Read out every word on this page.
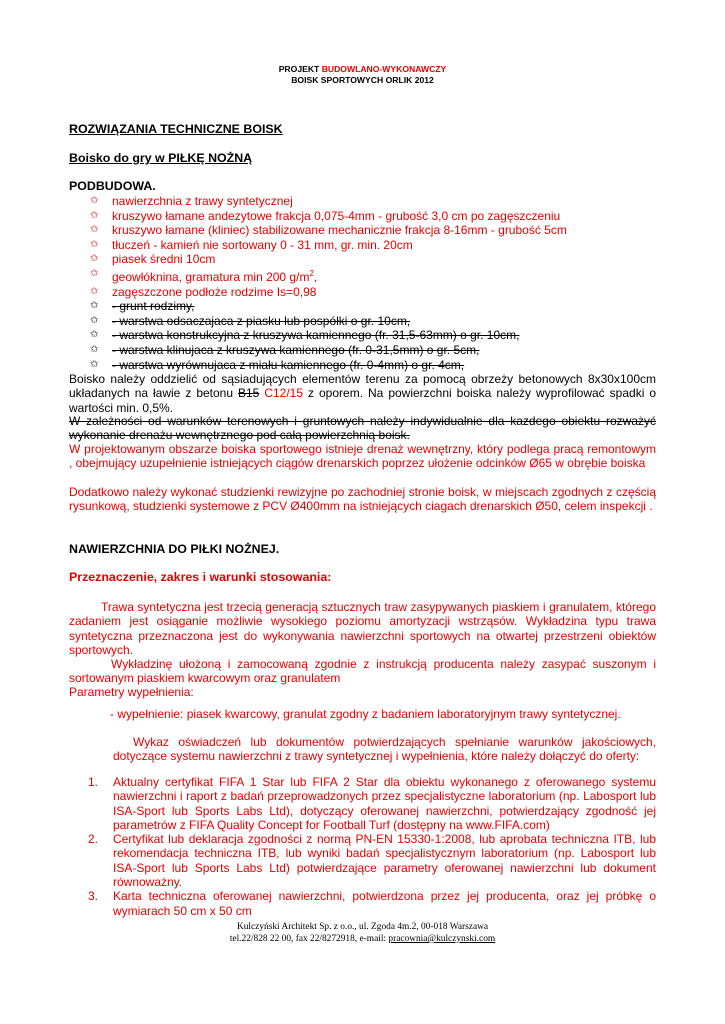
PROJEKT BUDOWLANO-WYKONAWCZY
BOISK SPORTOWYCH ORLIK 2012
ROZWIĄZANIA TECHNICZNE BOISK
Boisko do gry w PIŁKĘ NOŻNĄ
PODBUDOWA.
✩ nawierzchnia z trawy syntetycznej
✩ kruszywo łamane andezytowe frakcja 0,075-4mm - grubość 3,0 cm po zagęszczeniu
✩ kruszywo łamane (kliniec) stabilizowane mechanicznie frakcja 8-16mm - grubość 5cm
✩ tłuczeń - kamień nie sortowany 0 - 31 mm, gr. min. 20cm
✩ piasek średni 10cm
✩ geowłóknina, gramatura min 200 $g/m^2$,
✩ zagęszczone podłoże rodzime Is=0,98
✩ - grunt rodzimy,
✩ - warstwa odsaczajaca z piasku lub pospółki o gr. 10cm,
✩ - warstwa konstrukcyjna z kruszywa kamiennego (fr. 31,5-63mm) o gr. 10cm,
✩ - warstwa klinujaca z kruszywa kamiennego (fr. 0-31,5mm) o gr. 5cm,
✩ - warstwa wyrównujaca z miału kamiennego (fr. 0-4mm) o gr. 4cm,
Boisko należy oddzielić od sąsiadujących elementów terenu za pomocą obrzeży betonowych 8x30x100cm układanych na ławie z betonu B15 C12/15 z oporem. Na powierzchni boiska należy wyprofilować spadki o wartości min. 0,5%.
W zależności od warunków terenowych i gruntowych należy indywidualnie dla kazdego obiektu rozważyć wykonanie drenażu wewnętrznego pod całą powierzchnią boisk.
W projektowanym obszarze boiska sportowego istnieje drenaż wewnętrzny, który podlega pracą remontowym , obejmujący uzupełnienie istniejących ciągów drenarskich poprzez ułożenie odcinków Ø65 w obrębie boiska
Dodatkowo należy wykonać studzienki rewizyjne po zachodniej stronie boisk, w miejscach zgodnych z częścią rysunkową, studzienki systemowe z PCV Ø400mm na istniejących ciagach drenarskich Ø50, celem inspekcji .
NAWIERZCHNIA DO PIŁKI NOŻNEJ.
Przeznaczenie, zakres i warunki stosowania:
Trawa syntetyczna jest trzecią generacją sztucznych traw zasypywanych piaskiem i granulatem, którego zadaniem jest osiąganie możliwie wysokiego poziomu amortyzacji wstrząsów. Wykładzina typu trawa syntetyczna przeznaczona jest do wykonywania nawierzchni sportowych na otwartej przestrzeni obiektów sportowych.
Wykładzinę ułożoną i zamocowaną zgodnie z instrukcją producenta należy zasypać suszonym i sortowanym piaskiem kwarcowym oraz granulatem
Parametry wypełnienia:
- wypełnienie: piasek kwarcowy, granulat zgodny z badaniem laboratoryjnym trawy syntetycznej.
Wykaz oświadczeń lub dokumentów potwierdzających spełnianie warunków jakościowych, dotyczące systemu nawierzchni z trawy syntetycznej i wypełnienia, które należy dołączyć do oferty:
1. Aktualny certyfikat FIFA 1 Star lub FIFA 2 Star dla obiektu wykonanego z oferowanego systemu nawierzchni i raport z badań przeprowadzonych przez specjalistyczne laboratorium (np. Labosport lub ISA-Sport lub Sports Labs Ltd), dotyczący oferowanej nawierzchni, potwierdzający zgodność jej parametrów z FIFA Quality Concept for Football Turf (dostępny na www.FIFA.com)
2. Certyfikat lub deklaracja zgodności z normą PN-EN 15330-1:2008, lub aprobata techniczna ITB, lub rekomendacja techniczna ITB, lub wyniki badań specjalistycznym laboratorium (np. Labosport lub ISA-Sport lub Sports Labs Ltd) potwierdzające parametry oferowanej nawierzchni lub dokument równoważny.
3. Karta techniczna oferowanej nawierzchni, potwierdzona przez jej producenta, oraz jej próbkę o wymiarach 50 cm x 50 cm
Kulczyński Architekt Sp. z o.o., ul. Zgoda 4m.2, 00-018 Warszawa
tel.22/828 22 00, fax 22/8272918, e-mail: pracownia@kulczynski.com
